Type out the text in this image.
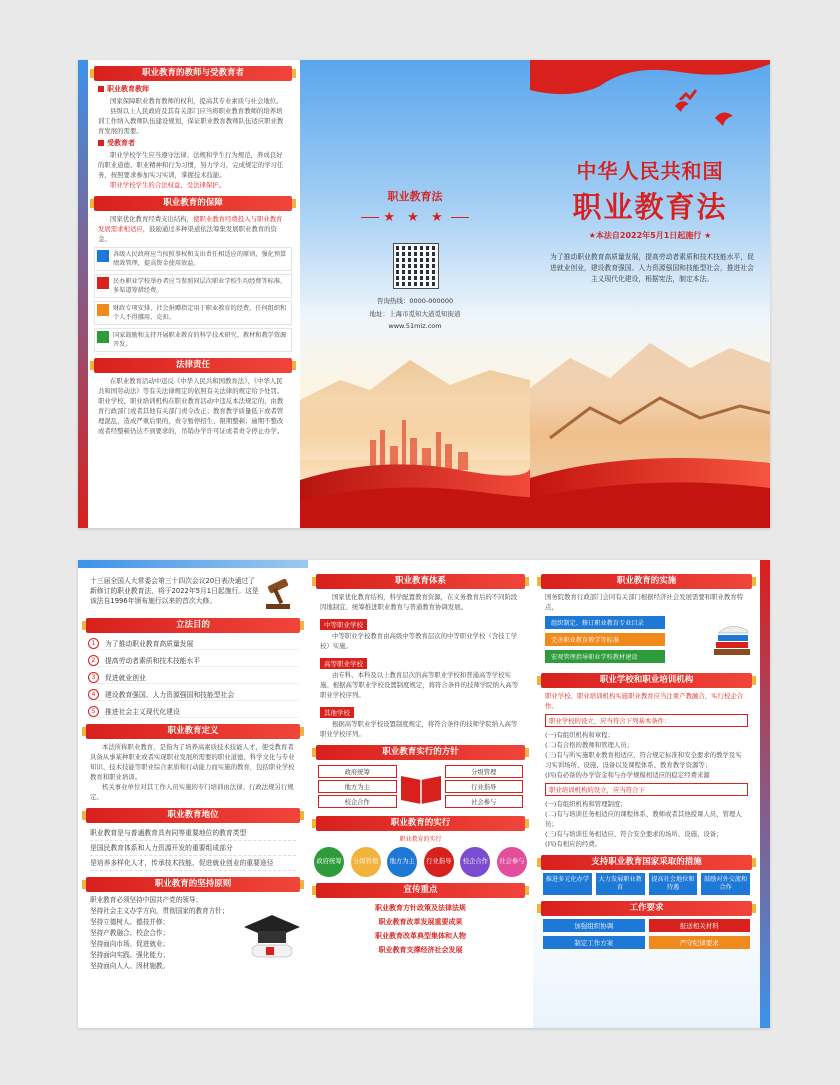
职业教育的教师与受教育者
职业教育教师
国家保障职业教育教师的权利，提高其专业素质与社会地位。
县级以上人民政府及其有关部门应当将职业教育教师的培养培训工作纳入教师队伍建设规划，保证职业教育教师队伍适应职业教育发展的需要。
受教育者
职业学校学生应当遵守法律、法规和学生行为规范，养成良好的职业道德、职业精神和行为习惯，努力学习，完成规定的学习任务，按照要求参加实习实训，掌握技术技能。
职业学校学生的合法权益，受法律保护。
职业教育的保障
国家优化教育经费支出结构，使职业教育经费投入与职业教育发展需求相适应，鼓励通过多种渠道依法筹集发展职业教育的资金。
各级人民政府应当按照事权和支出责任相适应的原则，强化预算绩效管理，提高资金使用效益。
民办职业学校举办者应当参照同层次职业学校生均经费等标准，多渠道筹措经费。
财政专项安排、社会捐赠指定用于职业教育的经费，任何组织和个人不得挪用、克扣。
国家鼓励和支持开展职业教育的科学技术研究、教材和教学资源开发。
法律责任
在职业教育活动中违反《中华人民共和国教育法》、《中华人民共和国劳动法》等有关法律规定的依照有关法律的规定给予处罚。职业学校、职业培训机构在职业教育活动中违反本法规定的，由教育行政部门或者其他有关部门责令改正；教育教学质量低下或者管理混乱，造成严重后果的，责令暂停招生、限期整顿；逾期不整改或者经整顿仍达不到要求的，吊销办学许可证或者责令停止办学。
职业教育法
★ ★ ★
咨询热线：0000-000000
地址：上海市觅知大道觅知街道
www.51miz.com
中华人民共和国
职业教育法
★本法自2022年5月1日起施行 ★
为了推动职业教育高质量发展，提高劳动者素质和技术技能水平，促进就业创业，建设教育强国、人力资源强国和技能型社会，推进社会主义现代化建设，根据宪法，制定本法。
十三届全国人大常委会第三十四次会议20日表决通过了新修订的职业教育法，将于2022年5月1日起施行。这是该法自1996年颁布施行以来的首次大修。
立法目的
1	为了推动职业教育高质量发展
2	提高劳动者素质和技术技能水平
3	促进就业创业
4	建设教育强国、人力资源强国和技能型社会
5	推进社会主义现代化建设
职业教育定义
本法所称职业教育，是指为了培养高素质技术技能人才，使受教育者具备从事某种职业或者实现职业发展所需要的职业道德、科学文化与专业知识、技术技能等职业综合素质和行动能力而实施的教育，包括职业学校教育和职业培训。
机关事业单位对其工作人员实施的专门培训由法律、行政法规另行规定。
职业教育地位
职业教育是与普通教育具有同等重要地位的教育类型
是国民教育体系和人力资源开发的重要组成部分
是培养多样化人才，传承技术技能、促进就业创业的重要途径
职业教育的坚持原则
职业教育必须坚持中国共产党的领导；
坚持社会主义办学方向，贯彻国家的教育方针；
坚持立德树人、德技并修；
坚持产教融合、校企合作；
坚持面向市场、促进就业；
坚持面向实践、强化能力；
坚持面向人人、因材施教。
职业教育体系
国家优化教育结构，科学配置教育资源，在义务教育后的不同阶段因地制宜、统筹推进职业教育与普通教育协调发展。
中等职业学校
中等职业学校教育由高级中等教育层次的中等职业学校（含技工学校）实施。
高等职业学校
由专科、本科及以上教育层次的高等职业学校和普通高等学校实施。根据高等职业学校设置制度规定，将符合条件的技师学院纳入高等职业学校序列。
其他学校
根据高等职业学校设置制度规定，将符合条件的技师学院纳入高等职业学校序列。
职业教育实行的方针
政府统筹
地方为主
校企合作
分级管理
行业指导
社会参与
职业教育的实行
职业教育的实行
政府统筹	分级管理	地方为主	行业指导	校企合作	社会参与
宣传重点
职业教育方针政策及法律法规
职业教育改革发展重要成果
职业教育改革典型集体和人物
职业教育支撑经济社会发展
职业教育的实施
国务院教育行政部门会同有关部门根据经济社会发展需要和职业教育特点，
组织制定、修订职业教育专业目录
完善职业教育教学等标准
宏观管理指导职业学校教材建设
职业学校和职业培训机构
职业学校、职业培训机构实施职业教育应当注重产教融合，实行校企合作。
职业学校的设立，应当符合下列基本条件：
(一)有组织机构和章程；
(二)有合格的教师和管理人员；
(三)有与所实施职业教育相适应、符合规定标准和安全要求的教学及实习实训场所、设施、设备以及课程体系、教育教学资源等；
(四)有必备的办学资金和与办学规模相适应的稳定经费来源
职业培训机构的设立，应当符合下
(一)有组织机构和管理制度；
(二)有与培训任务相适应的课程体系、教师或者其他授课人员、管理人员；
(三)有与培训任务相适应、符合安全要求的场所、设施、设备；
(四)有相应的经费。
支持职业教育国家采取的措施
推进多元化办学	大力发展职业教育
提高社会地位和待遇
鼓励对外交流和合作
工作要求
加强组织协调	报送相关材料
制定工作方案	严守纪律要求
